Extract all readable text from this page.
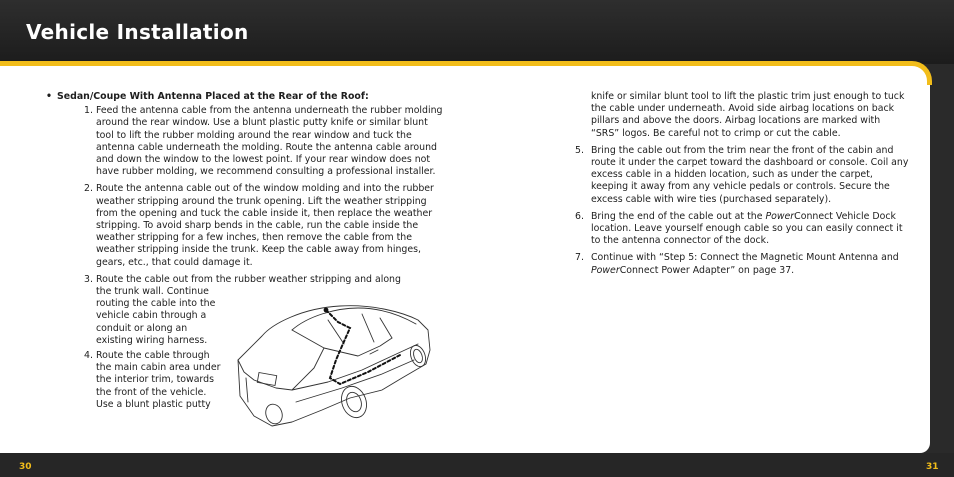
Vehicle Installation

• Sedan/Coupe With Antenna Placed at the Rear of the Roof:

1. Feed the antenna cable from the antenna underneath the rubber molding around the rear window. Use a blunt plastic putty knife or similar blunt tool to lift the rubber molding around the rear window and tuck the antenna cable underneath the molding. Route the antenna cable around and down the window to the lowest point. If your rear window does not have rubber molding, we recommend consulting a professional installer.
2. Route the antenna cable out of the window molding and into the rubber weather stripping around the trunk opening. Lift the weather stripping from the opening and tuck the cable inside it, then replace the weather stripping. To avoid sharp bends in the cable, run the cable inside the weather stripping for a few inches, then remove the cable from the weather stripping inside the trunk. Keep the cable away from hinges, gears, etc., that could damage it.
3. Route the cable out from the rubber weather stripping and along
the trunk wall. Continue routing the cable into the vehicle cabin through a conduit or along an existing wiring harness.
4. Route the cable through the main cabin area under the interior trim, towards the front of the vehicle. Use a blunt plastic putty
knife or similar blunt tool to lift the plastic trim just enough to tuck the cable under underneath. Avoid side airbag locations on back pillars and above the doors. Airbag locations are marked with “SRS” logos. Be careful not to crimp or cut the cable.
5. Bring the cable out from the trim near the front of the cabin and route it under the carpet toward the dashboard or console. Coil any excess cable in a hidden location, such as under the carpet, keeping it away from any vehicle pedals or controls. Secure the excess cable with wire ties (purchased separately).
6. Bring the end of the cable out at the PowerConnect Vehicle Dock location. Leave yourself enough cable so you can easily connect it to the antenna connector of the dock.
7. Continue with “Step 5: Connect the Magnetic Mount Antenna and PowerConnect Power Adapter” on page 37.
30	31
